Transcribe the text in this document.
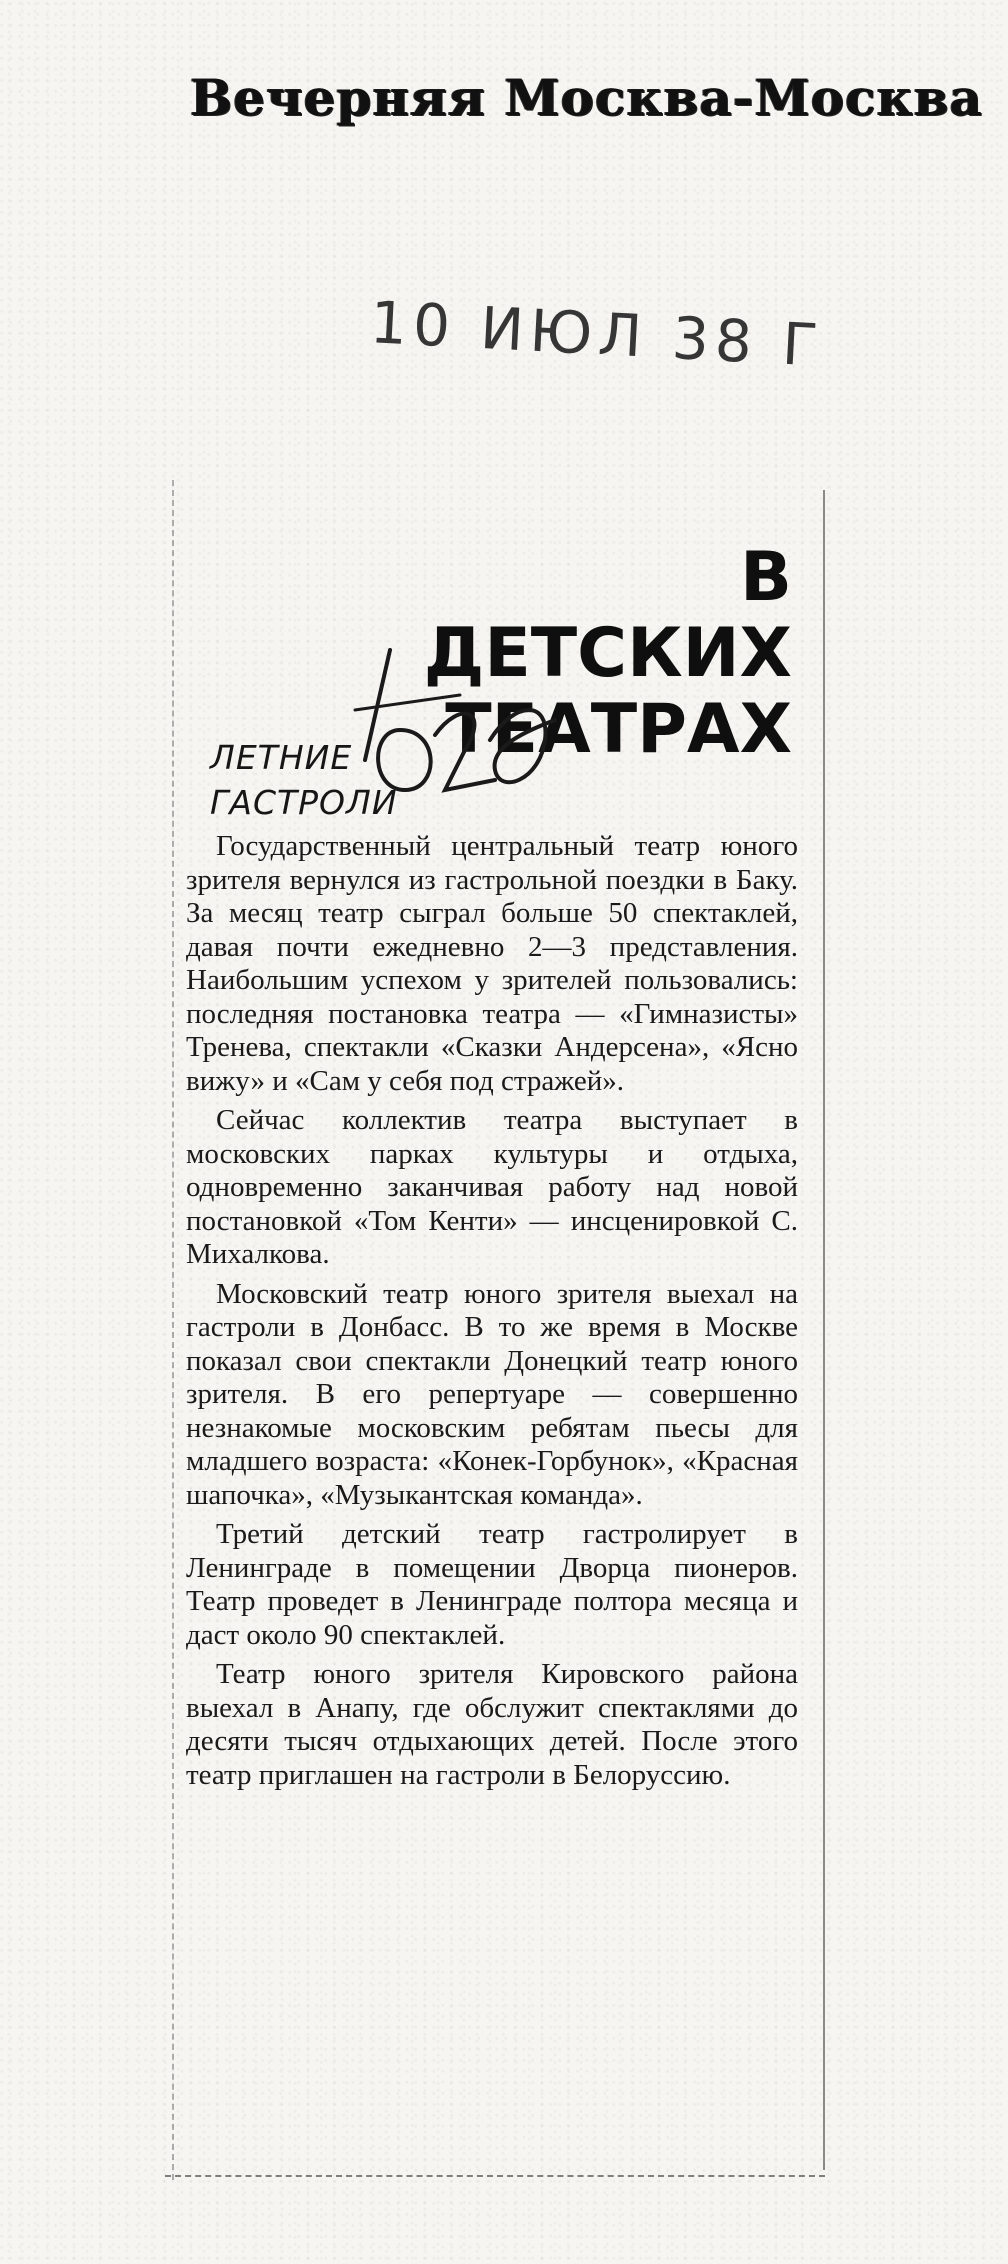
Вечерняя Москва-Москва
10 ИЮЛ 38 Г
В ДЕТСКИХ
ТЕАТРАХ
ЛЕТНИЕ
ГАСТРОЛИ

Государственный центральный театр юного зрителя вернулся из гастрольной поездки в Баку. За месяц театр сыграл больше 50 спектаклей, давая почти ежедневно 2—3 представления. Наибольшим успехом у зрителей пользовались: последняя постановка театра — «Гимназисты» Тренева, спектакли «Сказки Андерсена», «Ясно вижу» и «Сам у себя под стражей».

Сейчас коллектив театра выступает в московских парках культуры и отдыха, одновременно заканчивая работу над новой постановкой «Том Кенти» — инсценировкой С. Михалкова.

Московский театр юного зрителя выехал на гастроли в Донбасс. В то же время в Москве показал свои спектакли Донецкий театр юного зрителя. В его репертуаре — совершенно незнакомые московским ребятам пьесы для младшего возраста: «Конек-Горбунок», «Красная шапочка», «Музыкантская команда».

Третий детский театр гастролирует в Ленинграде в помещении Дворца пионеров. Театр проведет в Ленинграде полтора месяца и даст около 90 спектаклей.

Театр юного зрителя Кировского района выехал в Анапу, где обслужит спектаклями до десяти тысяч отдыхающих детей. После этого театр приглашен на гастроли в Белоруссию.
